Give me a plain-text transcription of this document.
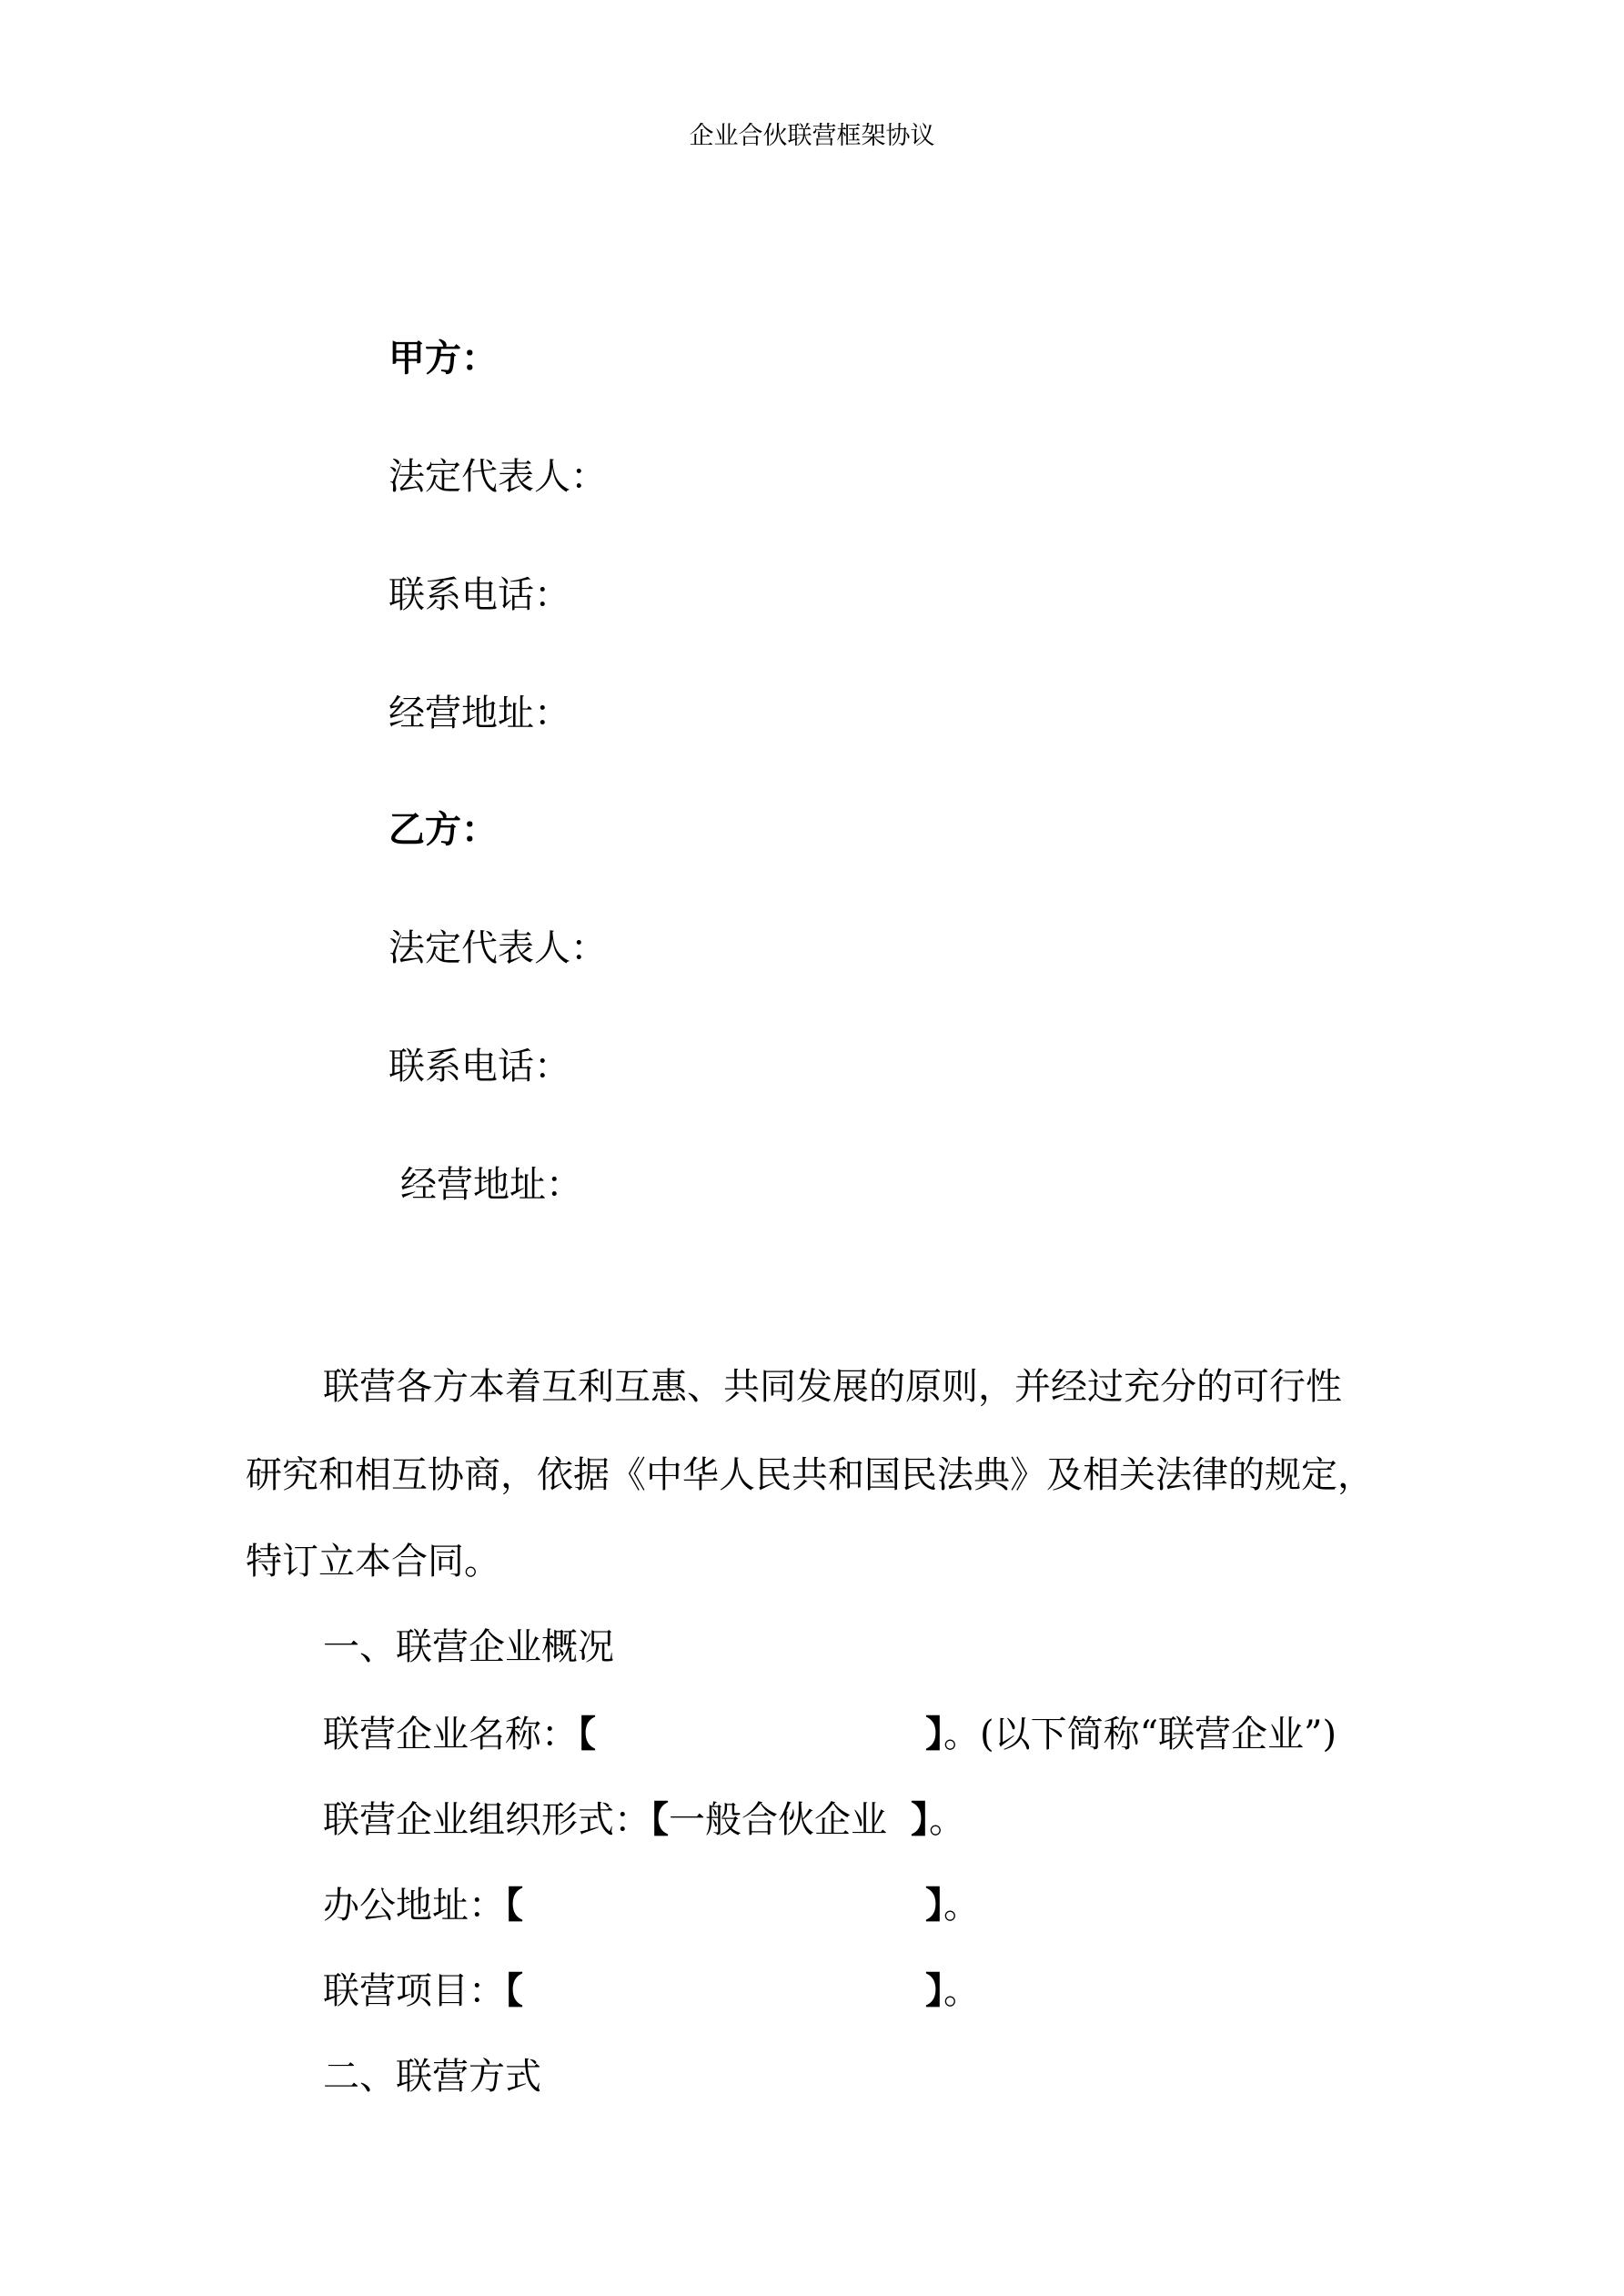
企业合伙联营框架协议
甲方：
法定代表人：
联系电话：
经营地址：
乙方：
法定代表人：
联系电话：
经营地址：
联营各方本着互利互惠、共同发展的原则，并经过充分的可行性
研究和相互协商，依据《中华人民共和国民法典》及相关法律的规定，
特订立本合同。
一、联营企业概况
联营企业名称：【	】。(以下简称“联营企业”)
联营企业组织形式：【一般合伙企业 】。
办公地址：【	】。
联营项目：【	】。
二、联营方式
